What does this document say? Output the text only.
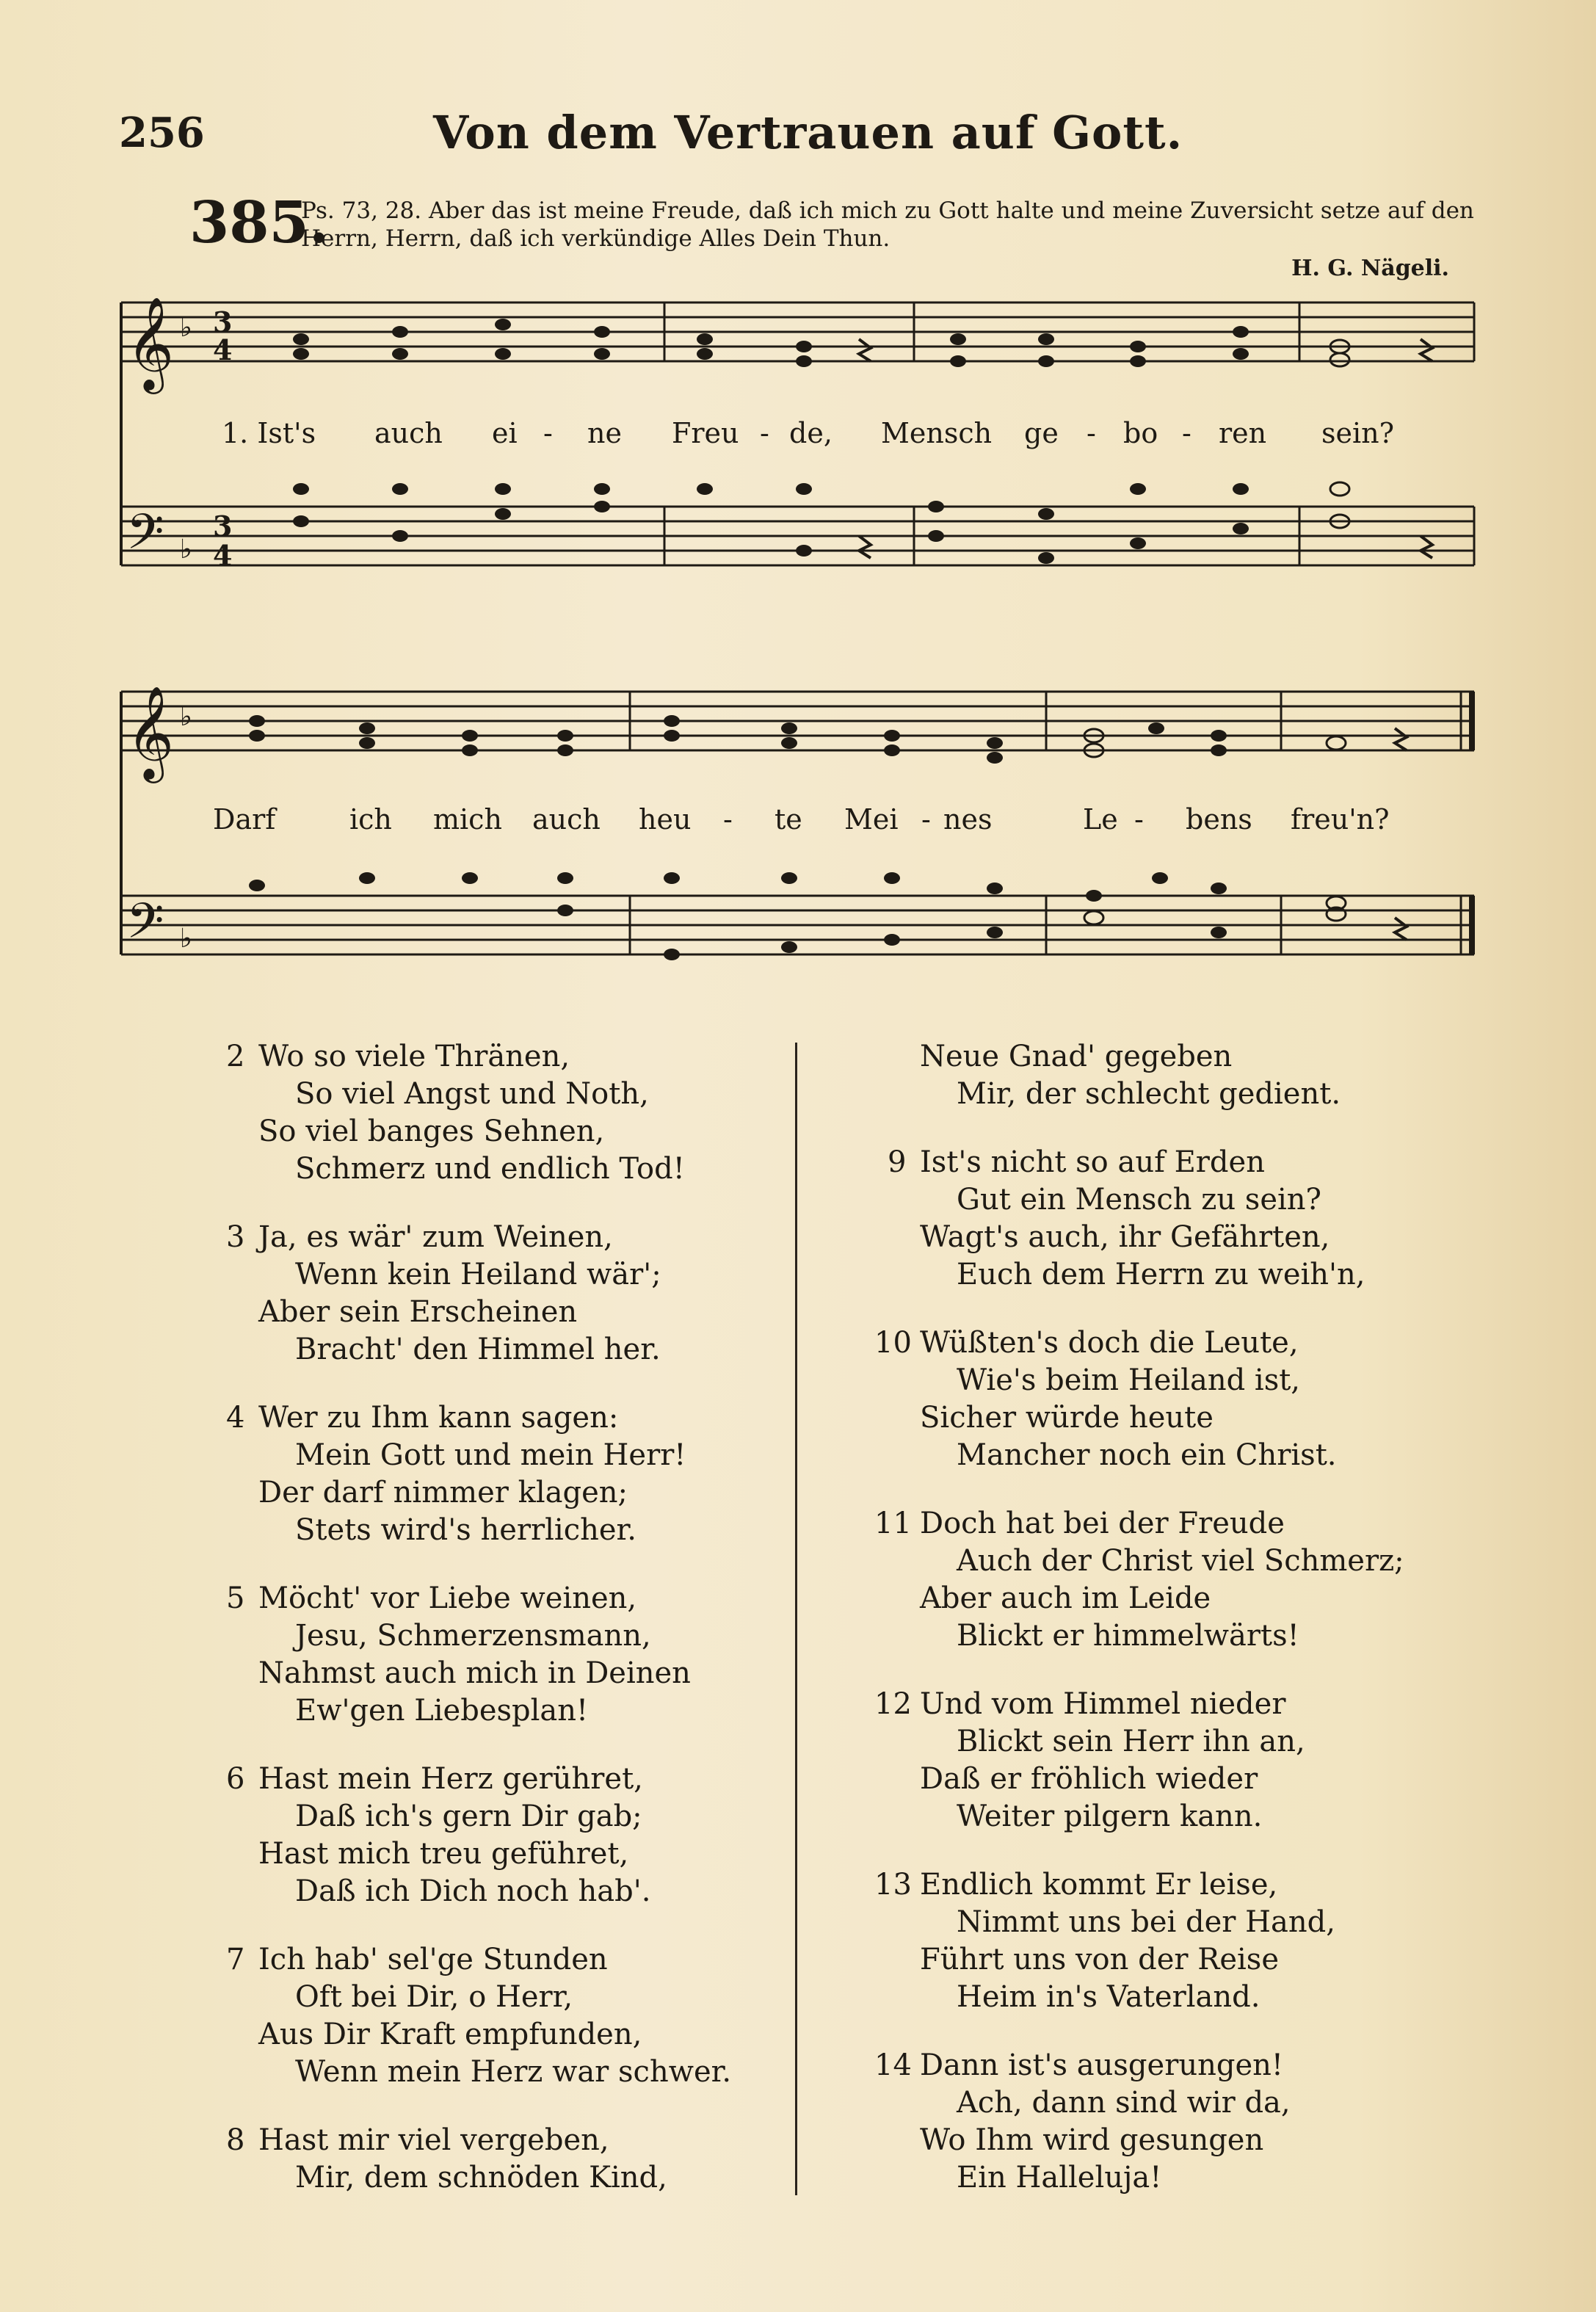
256	Von dem Vertrauen auf Gott.
385.
Ps. 73, 28. Aber das ist meine Freude, daß ich mich zu Gott halte und meine Zuversicht setze auf den Herrn, Herrn, daß ich verkündige Alles Dein Thun.
H. G. Nägeli.
𝄞 ♭ 3
4
𝄢 ♭
3
4
𝄞 ♭
𝄢 ♭
1. Ist's auch ei - ne Freu - de, Mensch ge - bo - ren sein?
Darf	ich mich auch heu - te Mei - nes	Le - bens freu'n?
2 Wo so viele Thränen,
So viel Angst und Noth,
So viel banges Sehnen,
Schmerz und endlich Tod!
3 Ja, es wär' zum Weinen,
Wenn kein Heiland wär';
Aber sein Erscheinen
Bracht' den Himmel her.
4 Wer zu Ihm kann sagen:
Mein Gott und mein Herr!
Der darf nimmer klagen;
Stets wird's herrlicher.
5 Möcht' vor Liebe weinen,
Jesu, Schmerzensmann,
Nahmst auch mich in Deinen
Ew'gen Liebesplan!
6 Hast mein Herz gerühret,
Daß ich's gern Dir gab;
Hast mich treu geführet,
Daß ich Dich noch hab'.
7 Ich hab' sel'ge Stunden
Oft bei Dir, o Herr,
Aus Dir Kraft empfunden,
Wenn mein Herz war schwer.
8 Hast mir viel vergeben,
Mir, dem schnöden Kind,
Neue Gnad' gegeben
Mir, der schlecht gedient.
9 Ist's nicht so auf Erden
Gut ein Mensch zu sein?
Wagt's auch, ihr Gefährten,
Euch dem Herrn zu weih'n,
10 Wüßten's doch die Leute,
Wie's beim Heiland ist,
Sicher würde heute
Mancher noch ein Christ.
11 Doch hat bei der Freude
Auch der Christ viel Schmerz;
Aber auch im Leide
Blickt er himmelwärts!
12 Und vom Himmel nieder
Blickt sein Herr ihn an,
Daß er fröhlich wieder
Weiter pilgern kann.
13 Endlich kommt Er leise,
Nimmt uns bei der Hand,
Führt uns von der Reise
Heim in's Vaterland.
14 Dann ist's ausgerungen!
Ach, dann sind wir da,
Wo Ihm wird gesungen
Ein Halleluja!
